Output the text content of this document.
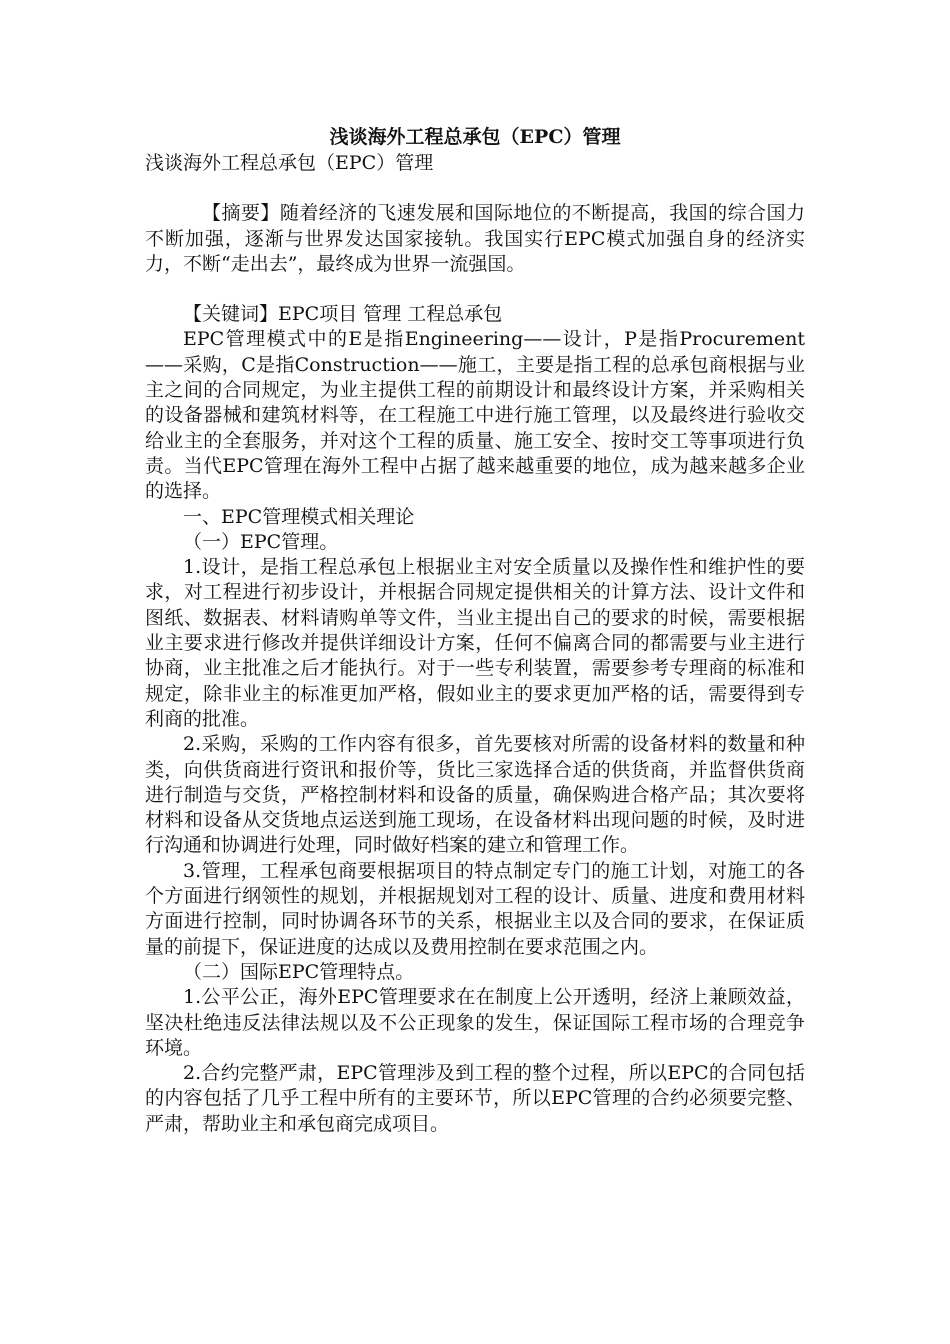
浅谈海外工程总承包（EPC）管理

浅谈海外工程总承包（EPC）管理

【摘要】随着经济的飞速发展和国际地位的不断提高，我国的综合国力不断加强，逐渐与世界发达国家接轨。我国实行EPC模式加强自身的经济实力，不断“走出去”，最终成为世界一流强国。

【关键词】EPC项目 管理 工程总承包

EPC管理模式中的E是指Engineering——设计，P是指Procurement——采购，C是指Construction——施工，主要是指工程的总承包商根据与业主之间的合同规定，为业主提供工程的前期设计和最终设计方案，并采购相关的设备器械和建筑材料等，在工程施工中进行施工管理，以及最终进行验收交给业主的全套服务，并对这个工程的质量、施工安全、按时交工等事项进行负责。当代EPC管理在海外工程中占据了越来越重要的地位，成为越来越多企业的选择。

一、EPC管理模式相关理论

（一）EPC管理。

1.设计，是指工程总承包上根据业主对安全质量以及操作性和维护性的要求，对工程进行初步设计，并根据合同规定提供相关的计算方法、设计文件和图纸、数据表、材料请购单等文件，当业主提出自己的要求的时候，需要根据业主要求进行修改并提供详细设计方案，任何不偏离合同的都需要与业主进行协商，业主批准之后才能执行。对于一些专利装置，需要参考专理商的标准和规定，除非业主的标准更加严格，假如业主的要求更加严格的话，需要得到专利商的批准。

2.采购，采购的工作内容有很多，首先要核对所需的设备材料的数量和种类，向供货商进行资讯和报价等，货比三家选择合适的供货商，并监督供货商进行制造与交货，严格控制材料和设备的质量，确保购进合格产品；其次要将材料和设备从交货地点运送到施工现场，在设备材料出现问题的时候，及时进行沟通和协调进行处理，同时做好档案的建立和管理工作。

3.管理，工程承包商要根据项目的特点制定专门的施工计划，对施工的各个方面进行纲领性的规划，并根据规划对工程的设计、质量、进度和费用材料方面进行控制，同时协调各环节的关系，根据业主以及合同的要求，在保证质量的前提下，保证进度的达成以及费用控制在要求范围之内。

（二）国际EPC管理特点。

1.公平公正，海外EPC管理要求在在制度上公开透明，经济上兼顾效益，坚决杜绝违反法律法规以及不公正现象的发生，保证国际工程市场的合理竞争环境。

2.合约完整严肃，EPC管理涉及到工程的整个过程，所以EPC的合同包括的内容包括了几乎工程中所有的主要环节，所以EPC管理的合约必须要完整、严肃，帮助业主和承包商完成项目。
